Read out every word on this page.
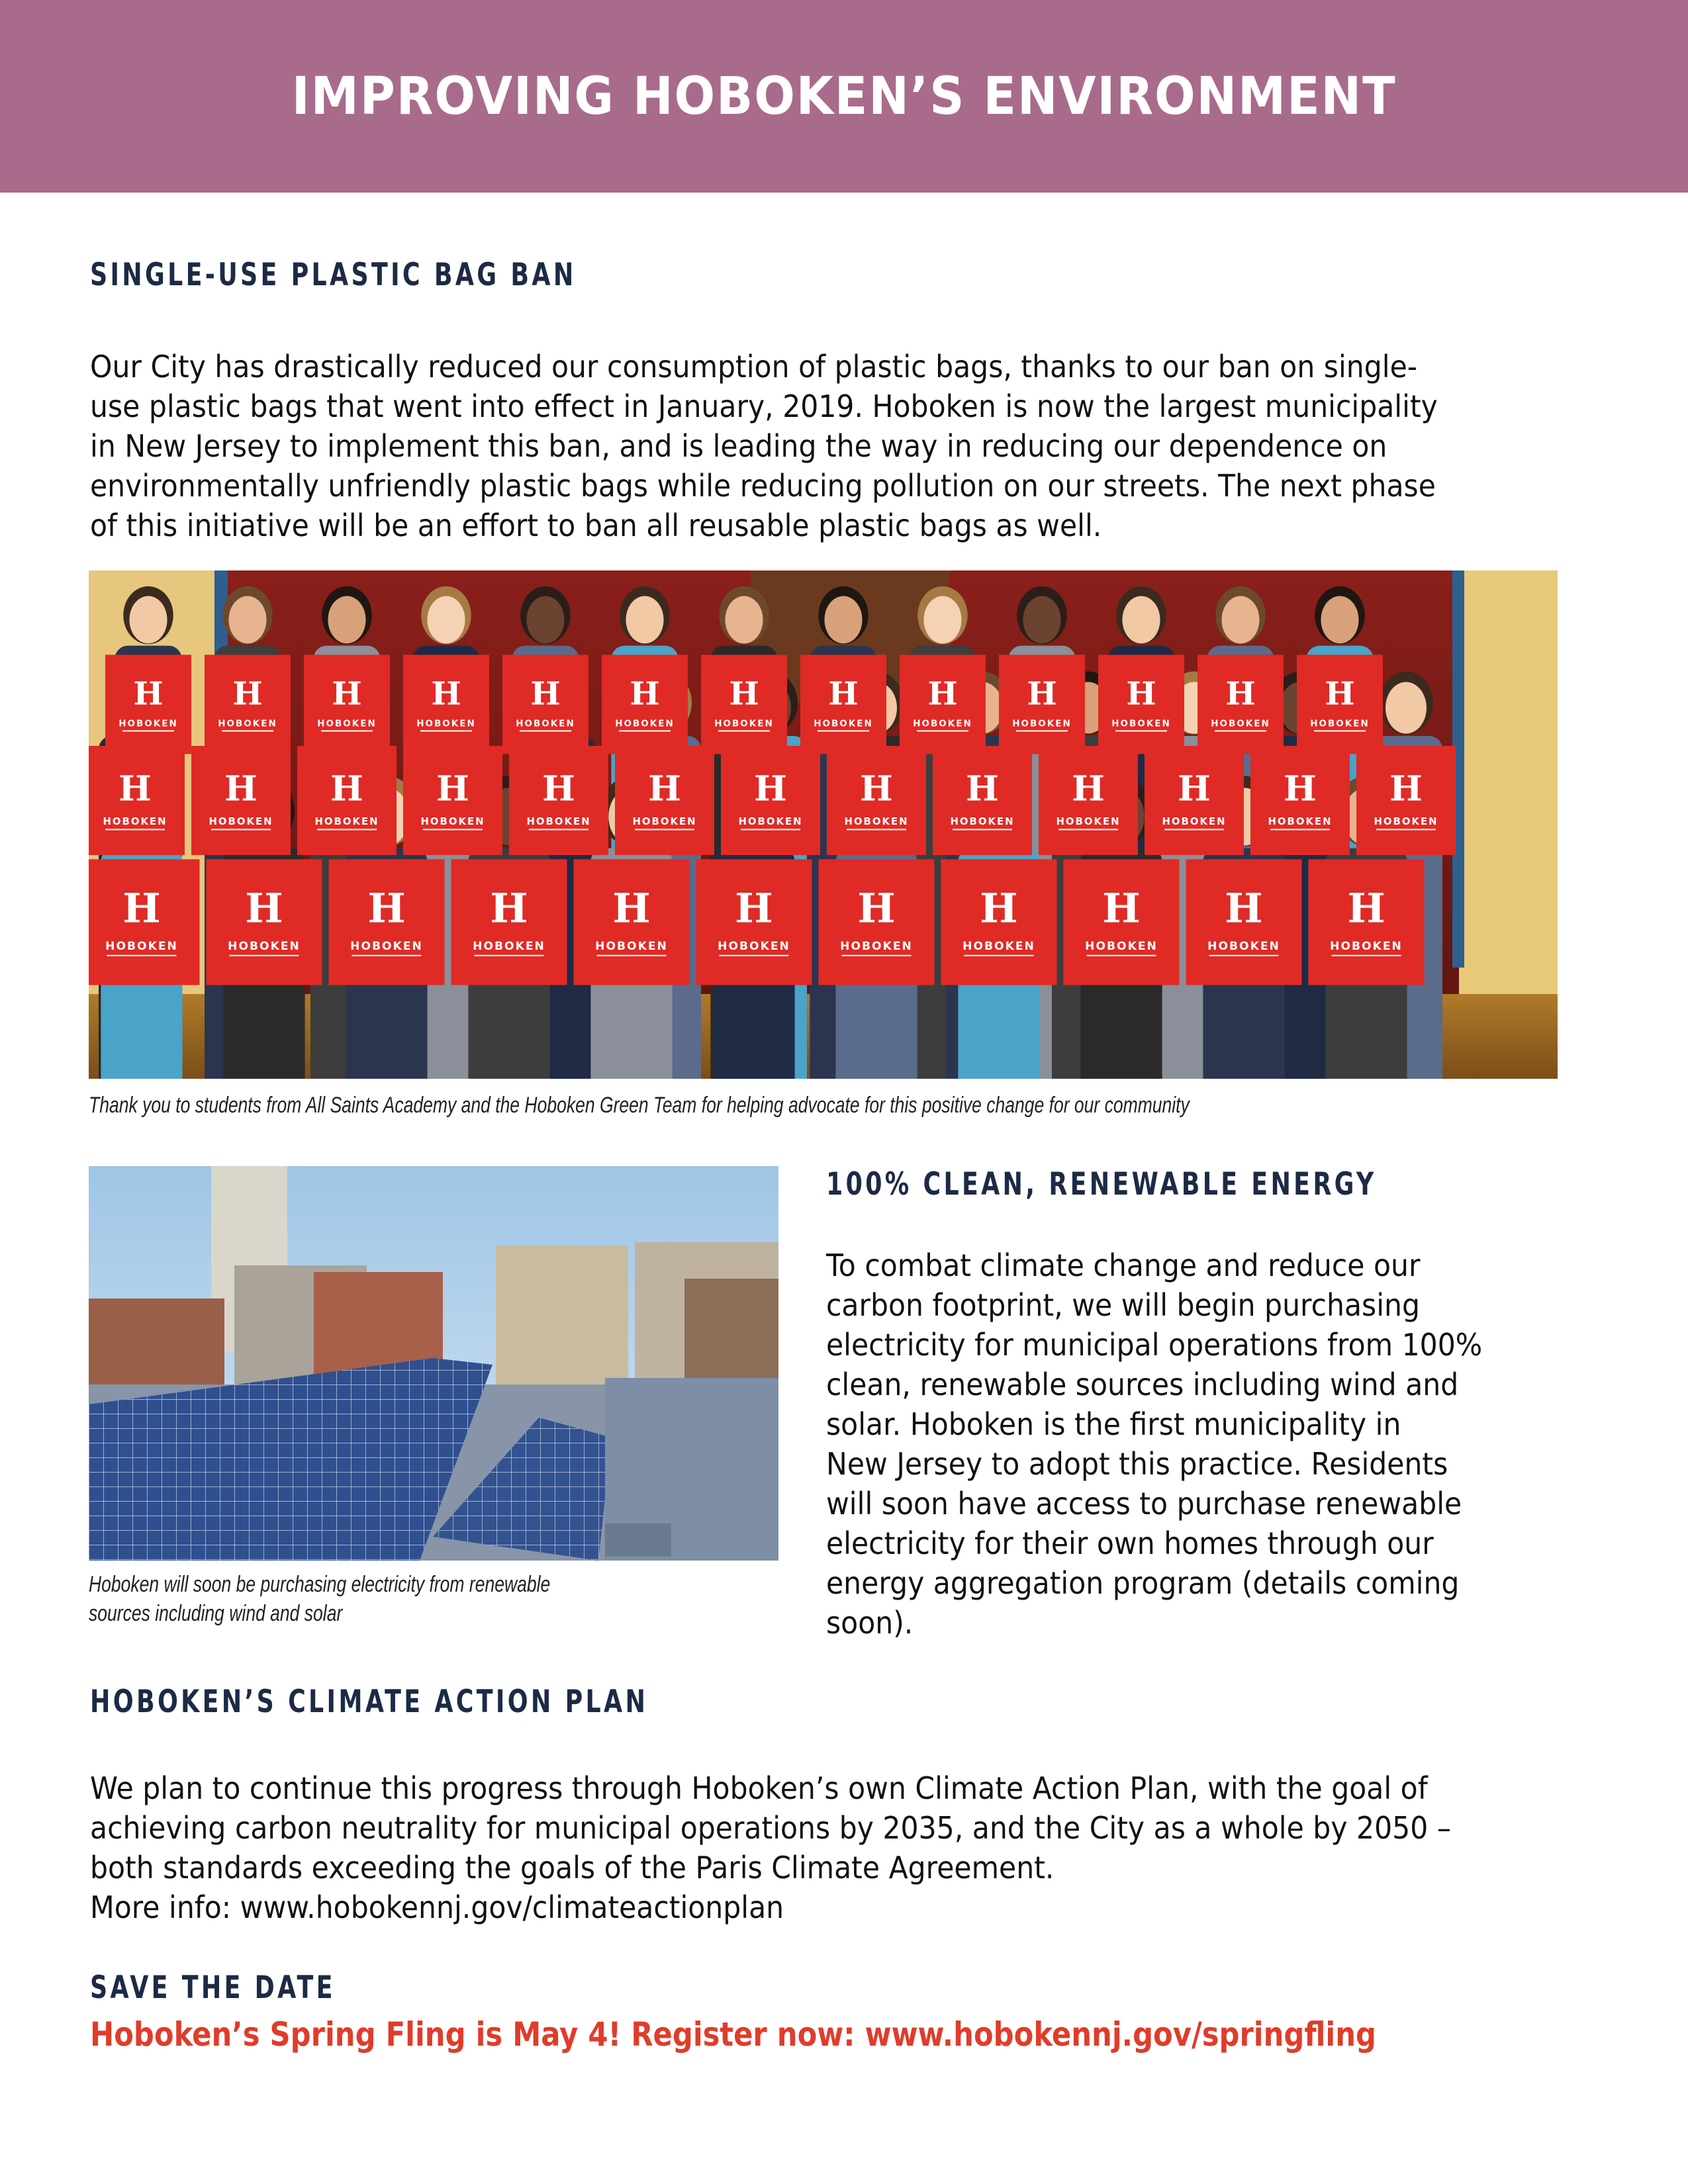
IMPROVING HOBOKEN’S ENVIRONMENT
SINGLE-USE PLASTIC BAG BAN
Our City has drastically reduced our consumption of plastic bags, thanks to our ban on single-
use plastic bags that went into effect in January, 2019. Hoboken is now the largest municipality
in New Jersey to implement this ban, and is leading the way in reducing our dependence on
environmentally unfriendly plastic bags while reducing pollution on our streets. The next phase
of this initiative will be an effort to ban all reusable plastic bags as well.
H
HOBOKEN
H
HOBOKEN
H
HOBOKEN
H
HOBOKEN
H
HOBOKEN
H
HOBOKEN
H
HOBOKEN
H
HOBOKEN
H
HOBOKEN
H
HOBOKEN
H
HOBOKEN
H
HOBOKEN
H
HOBOKEN
H
HOBOKEN
H
HOBOKEN
H
HOBOKEN
H
HOBOKEN
H
HOBOKEN
H
HOBOKEN
H
HOBOKEN
H
HOBOKEN
H
HOBOKEN
H
HOBOKEN
H
HOBOKEN
H
HOBOKEN
H
HOBOKEN
H
HOBOKEN
H
HOBOKEN
H
HOBOKEN
H
HOBOKEN
H
HOBOKEN
H
HOBOKEN
H
HOBOKEN
H
HOBOKEN
H
HOBOKEN
H
HOBOKEN
H
HOBOKEN

Thank you to students from All Saints Academy and the Hoboken Green Team for helping advocate for this positive change for our community

Hoboken will soon be purchasing electricity from renewable
sources including wind and solar
100% CLEAN, RENEWABLE ENERGY
To combat climate change and reduce our
carbon footprint, we will begin purchasing
electricity for municipal operations from 100%
clean, renewable sources including wind and
solar. Hoboken is the first municipality in
New Jersey to adopt this practice. Residents
will soon have access to purchase renewable
electricity for their own homes through our
energy aggregation program (details coming
soon).
HOBOKEN’S CLIMATE ACTION PLAN
We plan to continue this progress through Hoboken’s own Climate Action Plan, with the goal of
achieving carbon neutrality for municipal operations by 2035, and the City as a whole by 2050 –
both standards exceeding the goals of the Paris Climate Agreement.
More info: www.hobokennj.gov/climateactionplan
SAVE THE DATE
Hoboken’s Spring Fling is May 4! Register now: www.hobokennj.gov/springfling
